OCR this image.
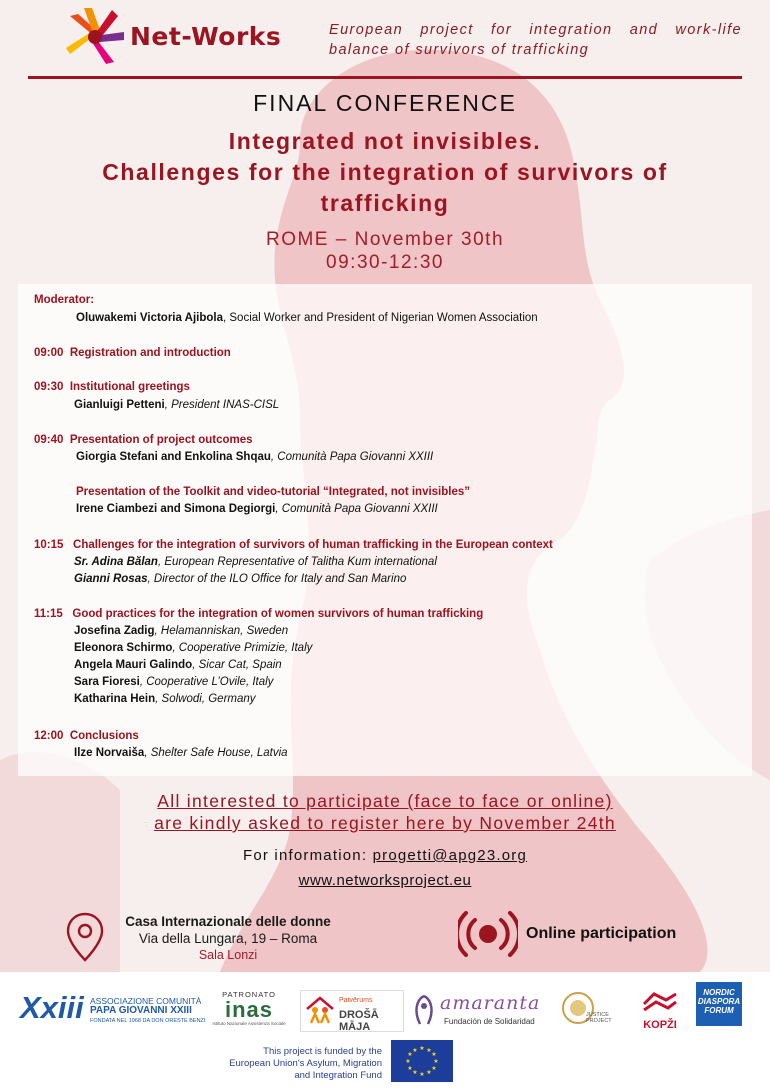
Net-Works	European project for integration and work-life balance of survivors of trafficking
FINAL CONFERENCE
Integrated not invisibles.
Challenges for the integration of survivors of trafficking
ROME – November 30th
09:30-12:30
Moderator:
Oluwakemi Victoria Ajibola, Social Worker and President of Nigerian Women Association
09:00 Registration and introduction
09:30 Institutional greetings
Gianluigi Petteni, President INAS-CISL
09:40 Presentation of project outcomes
Giorgia Stefani and Enkolina Shqau, Comunità Papa Giovanni XXIII
Presentation of the Toolkit and video-tutorial “Integrated, not invisibles”
Irene Ciambezi and Simona Degiorgi, Comunità Papa Giovanni XXIII
10:15 Challenges for the integration of survivors of human trafficking in the European context
Sr. Adina Bălan, European Representative of Talitha Kum international
Gianni Rosas, Director of the ILO Office for Italy and San Marino
11:15 Good practices for the integration of women survivors of human trafficking
Josefina Zadig, Helamanniskan, Sweden
Eleonora Schirmo, Cooperative Primizie, Italy
Angela Mauri Galindo, Sicar Cat, Spain
Sara Fioresi, Cooperative L’Ovile, Italy
Katharina Hein, Solwodi, Germany
12:00 Conclusions
Ilze Norvaiša, Shelter Safe House, Latvia
All interested to participate (face to face or online)
are kindly asked to register here by November 24th
For information: progetti@apg23.org
www.networksproject.eu
Casa Internazionale delle donne
Via della Lungara, 19 – Roma
Sala Lonzi
Online participation
Xxiii ASSOCIAZIONE COMUNITÀ
PAPA GIOVANNI XXIII
FONDATA NEL 1968 DA DON ORESTE BENZI
PATRONATO
inas
Istituto Nazionale Assistenza Sociale
Patvērums
DROŠĀ MĀJA
amaranta
Fundación de Solidaridad
JUSTICE PROJECT	KOPŽI
NORDIC DIASPORA FORUM
This project is funded by the European Union's Asylum, Migration and Integration Fund
★ ★
★
★
★
★
★
★
★
★
★
★
